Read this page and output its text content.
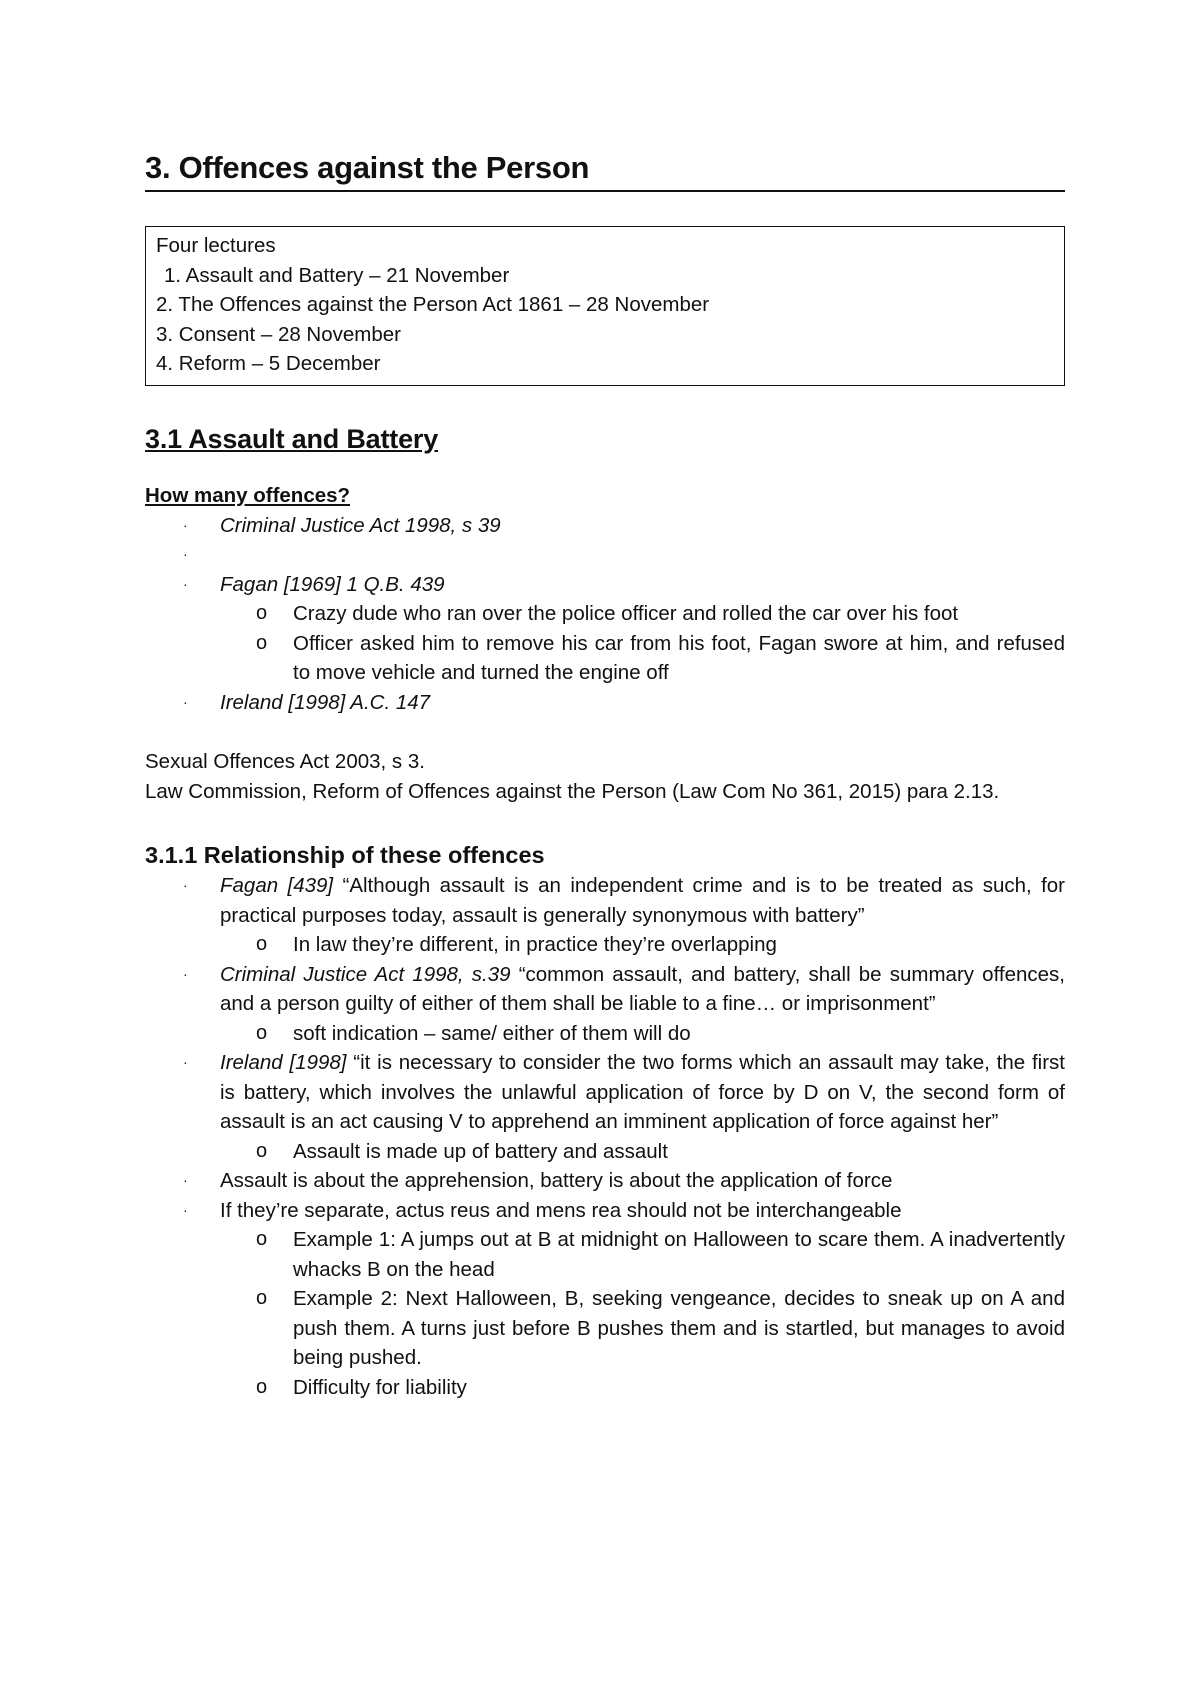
3. Offences against the Person
Four lectures
1. Assault and Battery – 21 November
2. The Offences against the Person Act 1861 – 28 November
3. Consent – 28 November
4. Reform – 5 December
3.1 Assault and Battery
How many offences?
· Criminal Justice Act 1998, s 39
·

· Fagan [1969] 1 Q.B. 439
o Crazy dude who ran over the police officer and rolled the car over his foot
o Officer asked him to remove his car from his foot, Fagan swore at him, and refused to move vehicle and turned the engine off
· Ireland [1998] A.C. 147
Sexual Offences Act 2003, s 3.
Law Commission, Reform of Offences against the Person (Law Com No 361, 2015) para 2.13.
3.1.1 Relationship of these offences
· Fagan [439] “Although assault is an independent crime and is to be treated as such, for practical purposes today, assault is generally synonymous with battery”
o In law they’re different, in practice they’re overlapping
· Criminal Justice Act 1998, s.39 “common assault, and battery, shall be summary offences, and a person guilty of either of them shall be liable to a fine… or imprisonment”
o soft indication – same/ either of them will do
· Ireland [1998] “it is necessary to consider the two forms which an assault may take, the first is battery, which involves the unlawful application of force by D on V, the second form of assault is an act causing V to apprehend an imminent application of force against her”
o Assault is made up of battery and assault
· Assault is about the apprehension, battery is about the application of force
· If they’re separate, actus reus and mens rea should not be interchangeable
o Example 1: A jumps out at B at midnight on Halloween to scare them. A inadvertently whacks B on the head
o Example 2: Next Halloween, B, seeking vengeance, decides to sneak up on A and push them. A turns just before B pushes them and is startled, but manages to avoid being pushed.
o Difficulty for liability
